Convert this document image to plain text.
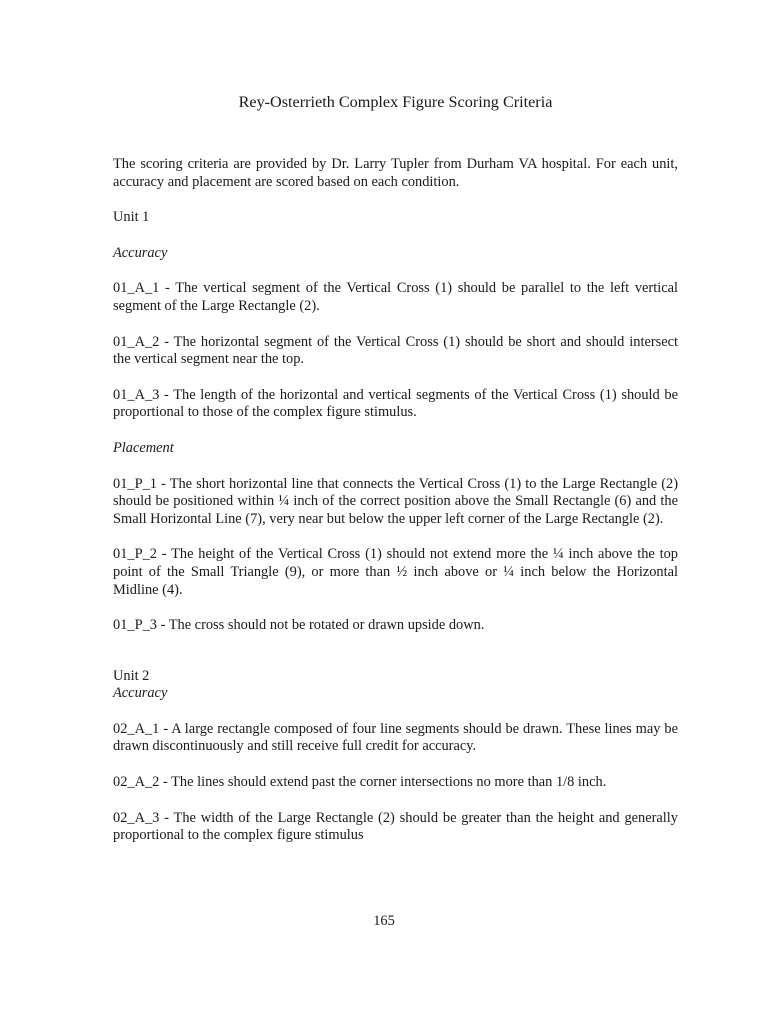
Rey-Osterrieth Complex Figure Scoring Criteria

The scoring criteria are provided by Dr. Larry Tupler from Durham VA hospital. For each unit, accuracy and placement are scored based on each condition.

Unit 1

Accuracy

01_A_1 - The vertical segment of the Vertical Cross (1) should be parallel to the left vertical segment of the Large Rectangle (2).

01_A_2 - The horizontal segment of the Vertical Cross (1) should be short and should intersect the vertical segment near the top.

01_A_3 - The length of the horizontal and vertical segments of the Vertical Cross (1) should be proportional to those of the complex figure stimulus.

Placement

01_P_1 - The short horizontal line that connects the Vertical Cross (1) to the Large Rectangle (2) should be positioned within ¼ inch of the correct position above the Small Rectangle (6) and the Small Horizontal Line (7), very near but below the upper left corner of the Large Rectangle (2).

01_P_2 - The height of the Vertical Cross (1) should not extend more the ¼ inch above the top point of the Small Triangle (9), or more than ½ inch above or ¼ inch below the Horizontal Midline (4).

01_P_3 - The cross should not be rotated or drawn upside down.

Unit 2

Accuracy

02_A_1 - A large rectangle composed of four line segments should be drawn. These lines may be drawn discontinuously and still receive full credit for accuracy.

02_A_2 - The lines should extend past the corner intersections no more than 1/8 inch.

02_A_3 - The width of the Large Rectangle (2) should be greater than the height and generally proportional to the complex figure stimulus

165
